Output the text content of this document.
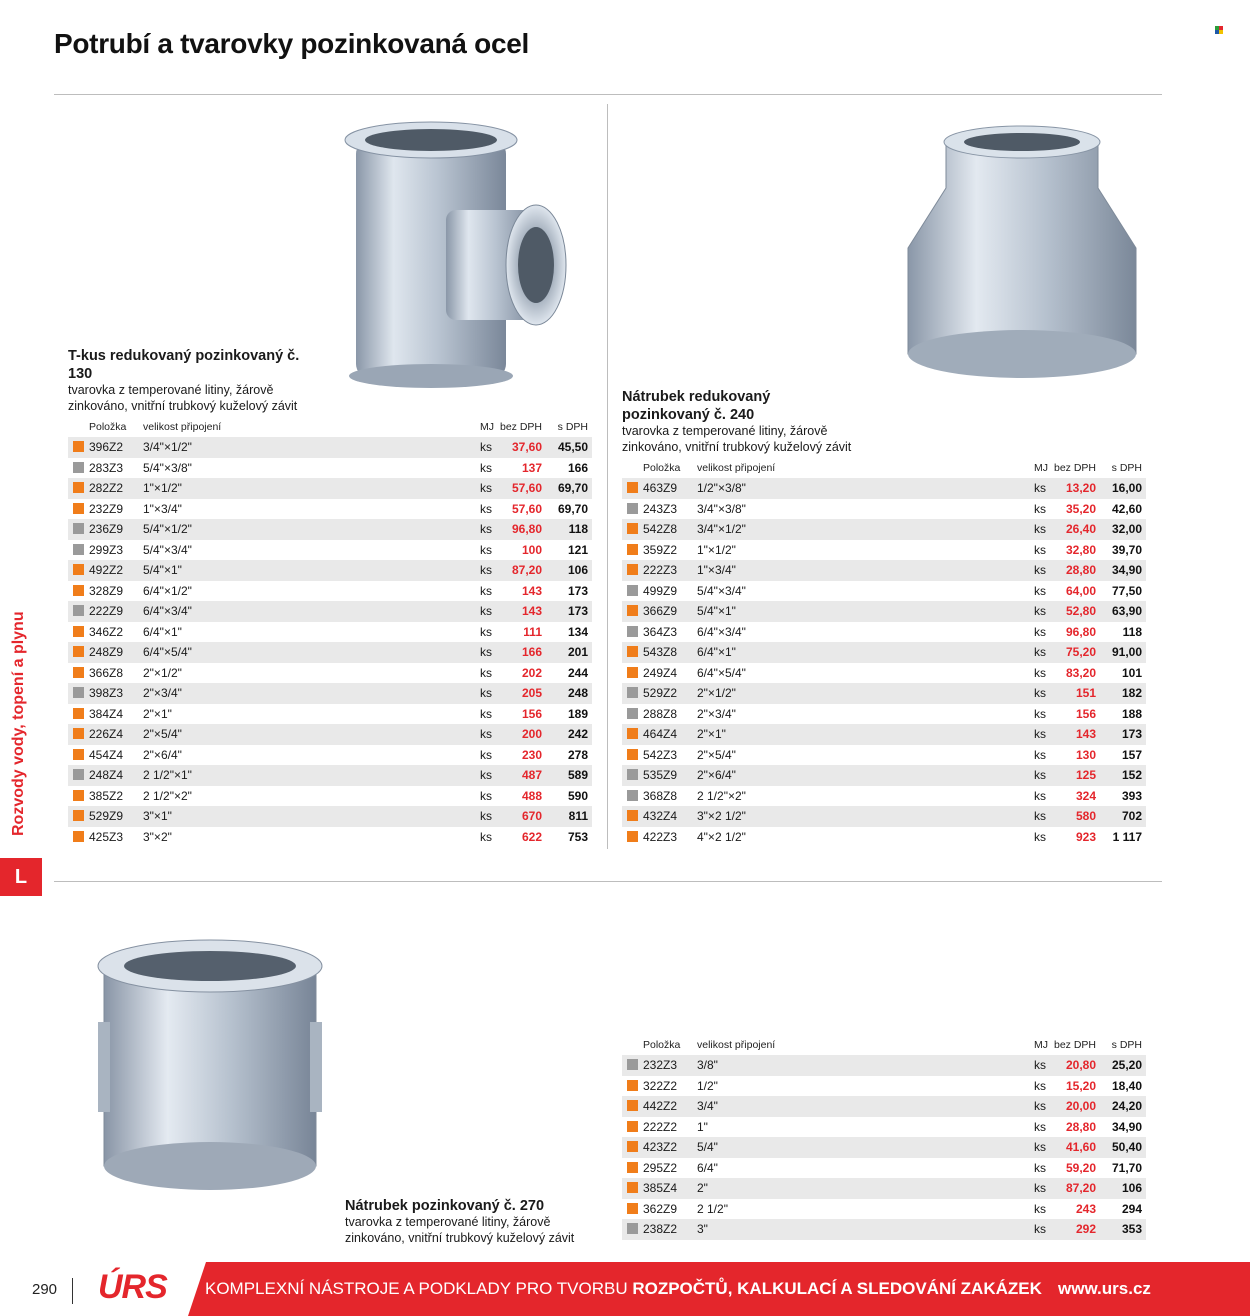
Potrubí a tvarovky pozinkovaná ocel
Rozvody vody, topení a plynu
L
T-kus redukovaný pozinkovaný č. 130
tvarovka z temperované litiny, žárově zinkováno, vnitřní trubkový kuželový závit
Položka velikost připojení	MJ bez DPH s DPH
396Z2 3/4"×1/2"	ks 37,60 45,50
283Z3 5/4"×3/8"	ks 137 166
282Z2 1"×1/2"	ks 57,60 69,70
232Z9 1"×3/4"	ks 57,60 69,70
236Z9 5/4"×1/2"	ks 96,80 118
299Z3 5/4"×3/4"	ks 100 121
492Z2 5/4"×1"	ks 87,20 106
328Z9 6/4"×1/2"	ks 143 173
222Z9 6/4"×3/4"	ks 143 173
346Z2 6/4"×1"	ks	111 134
248Z9 6/4"×5/4"	ks 166 201
366Z8 2"×1/2"	ks 202 244
398Z3 2"×3/4"	ks 205 248
384Z4 2"×1"	ks 156 189
226Z4 2"×5/4"	ks 200 242
454Z4 2"×6/4"	ks 230 278
248Z4 2 1/2"×1"	ks 487 589
385Z2 2 1/2"×2"	ks 488 590
529Z9 3"×1"	ks 670 811
425Z3 3"×2"	ks 622 753
Nátrubek redukovaný pozinkovaný č. 240
tvarovka z temperované litiny, žárově zinkováno, vnitřní trubkový kuželový závit
Položka velikost připojení	MJ bez DPH s DPH
463Z9 1/2"×3/8"	ks 13,20 16,00
243Z3 3/4"×3/8"	ks 35,20 42,60
542Z8 3/4"×1/2"	ks 26,40 32,00
359Z2 1"×1/2"	ks 32,80 39,70
222Z3 1"×3/4"	ks 28,80 34,90
499Z9 5/4"×3/4"	ks 64,00 77,50
366Z9 5/4"×1"	ks 52,80 63,90
364Z3 6/4"×3/4"	ks 96,80 118
543Z8 6/4"×1"	ks 75,20 91,00
249Z4 6/4"×5/4"	ks 83,20 101
529Z2 2"×1/2"	ks 151 182
288Z8 2"×3/4"	ks 156 188
464Z4 2"×1"	ks 143 173
542Z3 2"×5/4"	ks 130 157
535Z9 2"×6/4"	ks 125 152
368Z8 2 1/2"×2"	ks 324 393
432Z4 3"×2 1/2"	ks 580 702
422Z3 4"×2 1/2"	ks 923 1 117
Nátrubek pozinkovaný č. 270
tvarovka z temperované litiny, žárově zinkováno, vnitřní trubkový kuželový závit
Položka velikost připojení	MJ bez DPH s DPH
232Z3 3/8"	ks 20,80 25,20
322Z2 1/2"	ks 15,20 18,40
442Z2 3/4"	ks 20,00 24,20
222Z2 1"	ks 28,80 34,90
423Z2 5/4"	ks 41,60 50,40
295Z2 6/4"	ks 59,20 71,70
385Z4 2"	ks 87,20 106
362Z9 2 1/2"	ks 243 294
238Z2 3"	ks 292 353
290 ÚRS KOMPLEXNÍ NÁSTROJE A PODKLADY PRO TVORBU ROZPOČTŮ, KALKULACÍ A SLEDOVÁNÍ ZAKÁZEK www.urs.cz
